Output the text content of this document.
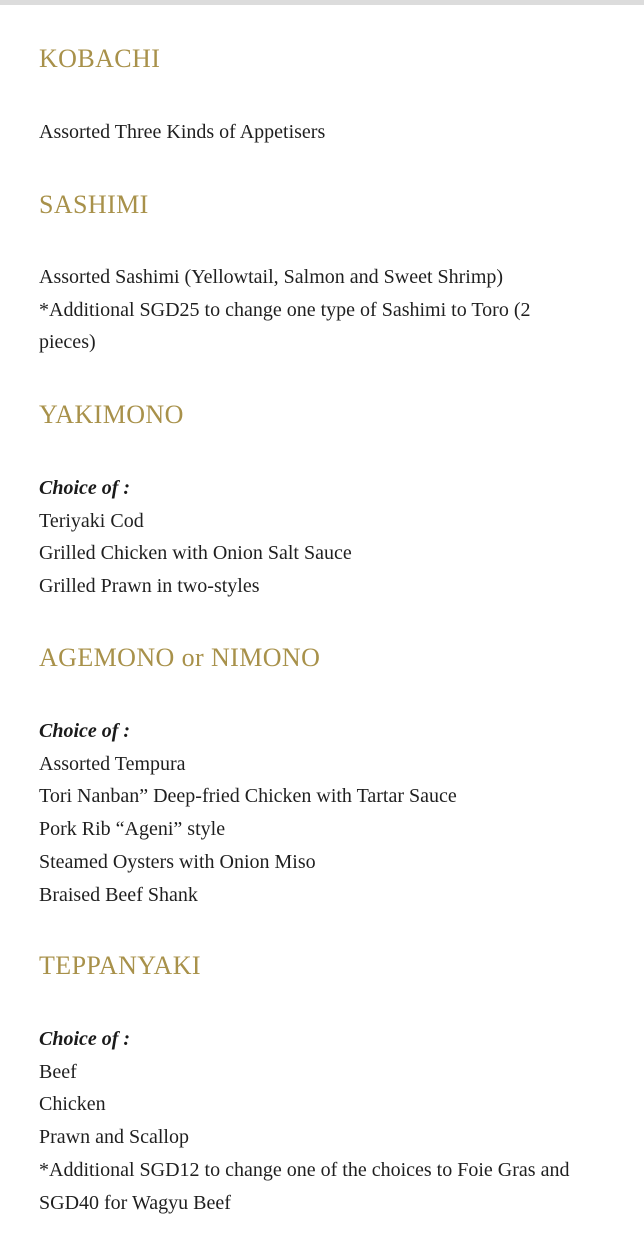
KOBACHI
Assorted Three Kinds of Appetisers
SASHIMI
Assorted Sashimi (Yellowtail, Salmon and Sweet Shrimp)
*Additional SGD25 to change one type of Sashimi to Toro (2 pieces)
YAKIMONO
Choice of :
Teriyaki Cod
Grilled Chicken with Onion Salt Sauce
Grilled Prawn in two-styles
AGEMONO or NIMONO
Choice of :
Assorted Tempura
Tori Nanban” Deep-fried Chicken with Tartar Sauce
Pork Rib “Ageni” style
Steamed Oysters with Onion Miso
Braised Beef Shank
TEPPANYAKI
Choice of :
Beef
Chicken
Prawn and Scallop
*Additional SGD12 to change one of the choices to Foie Gras and SGD40 for Wagyu Beef
